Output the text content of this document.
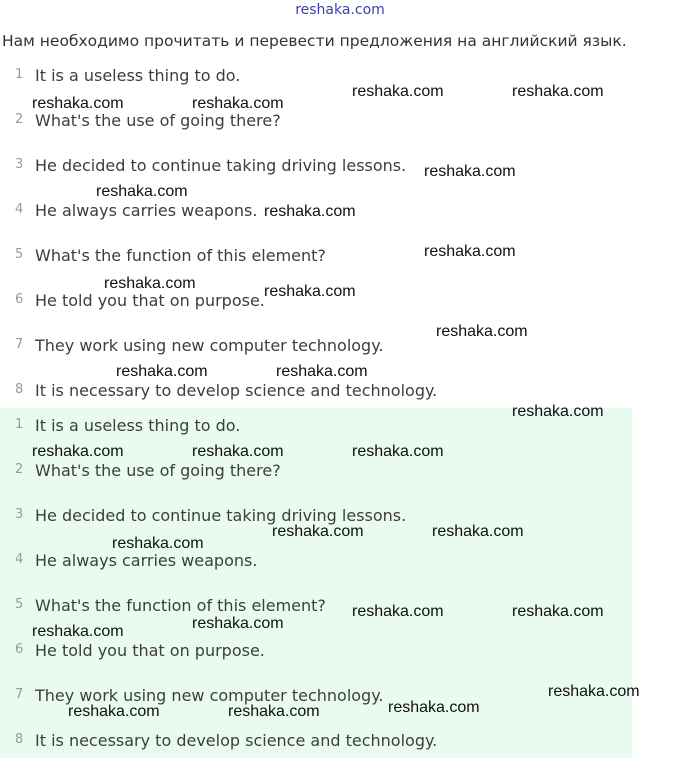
reshaka.com
Нам необходимо прочитать и перевести предложения на английский язык.
1 It is a useless thing to do.
2 What's the use of going there?
3 He decided to continue taking driving lessons.
4 He always carries weapons.
5 What's the function of this element?
6 He told you that on purpose.
7 They work using new computer technology.
8 It is necessary to develop science and technology.
1 It is a useless thing to do.
2 What's the use of going there?
3 He decided to continue taking driving lessons.
4 He always carries weapons.
5 What's the function of this element?
6 He told you that on purpose.
7 They work using new computer technology.
8 It is necessary to develop science and technology.
reshaka.com	reshaka.com
reshaka.com	reshaka.com
reshaka.com
reshaka.com
reshaka.com
reshaka.com
reshaka.com	reshaka.com
reshaka.com
reshaka.com	reshaka.com
reshaka.com
reshaka.com	reshaka.com	reshaka.com
reshaka.com	reshaka.com
reshaka.com
reshaka.com	reshaka.com
reshaka.com
reshaka.com
reshaka.com
reshaka.com
reshaka.com	reshaka.com
